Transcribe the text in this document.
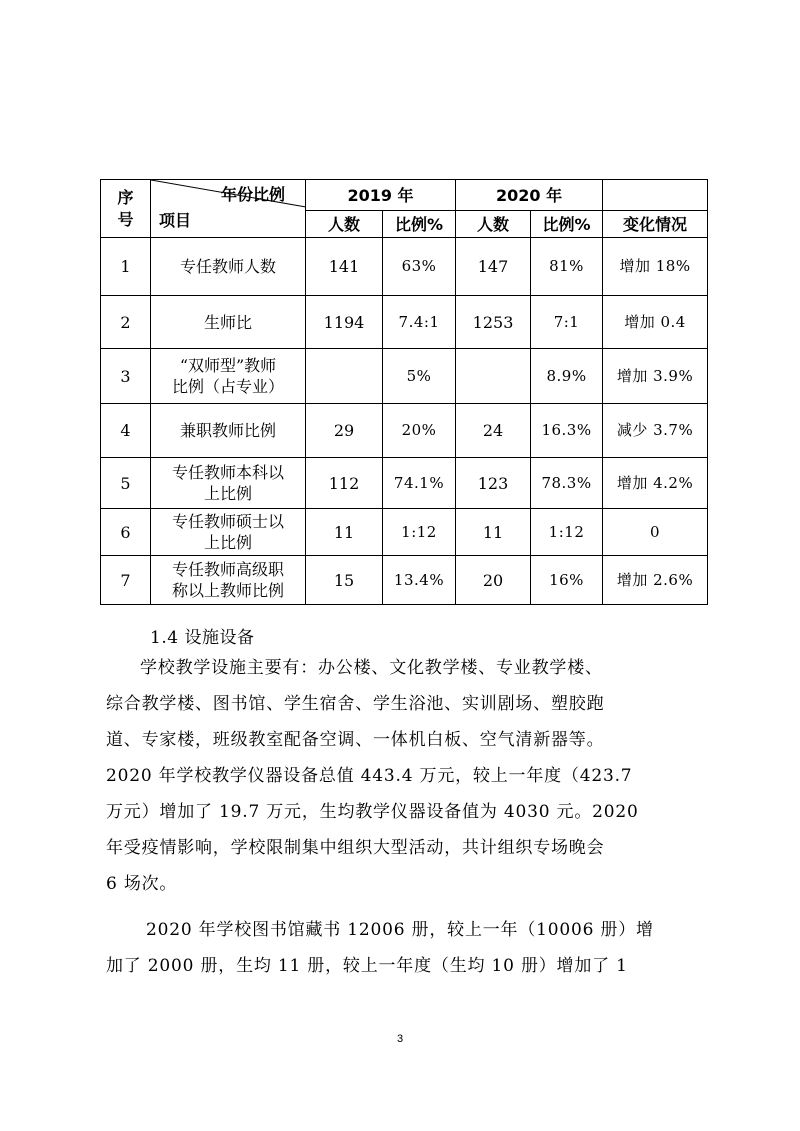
序
号	年份比例
项目	2019 年		2020 年		
		人数	比例%	人数	比例%	变化情况
1	专任教师人数	141	63%	147	81%	增加 18%
2	生师比	1194	7.4:1	1253	7:1	增加 0.4
3	“双师型”教师
比例（占专业）		5%		8.9%	增加 3.9%
4	兼职教师比例	29	20%	24	16.3%	减少 3.7%
5	专任教师本科以
上比例	112	74.1%	123	78.3%	增加 4.2%
6	专任教师硕士以
上比例	11	1:12	11	1:12	0
7	专任教师高级职
称以上教师比例	15	13.4%	20	16%	增加 2.6%
1.4 设施设备

学校教学设施主要有：办公楼、文化教学楼、专业教学楼、
综合教学楼、图书馆、学生宿舍、学生浴池、实训剧场、塑胶跑
道、专家楼，班级教室配备空调、一体机白板、空气清新器等。
2020 年学校教学仪器设备总值 443.4 万元，较上一年度（423.7
万元）增加了 19.7 万元，生均教学仪器设备值为 4030 元。2020
年受疫情影响，学校限制集中组织大型活动，共计组织专场晚会
6 场次。

2020 年学校图书馆藏书 12006 册，较上一年（10006 册）增
加了 2000 册，生均 11 册，较上一年度（生均 10 册）增加了 1

3
